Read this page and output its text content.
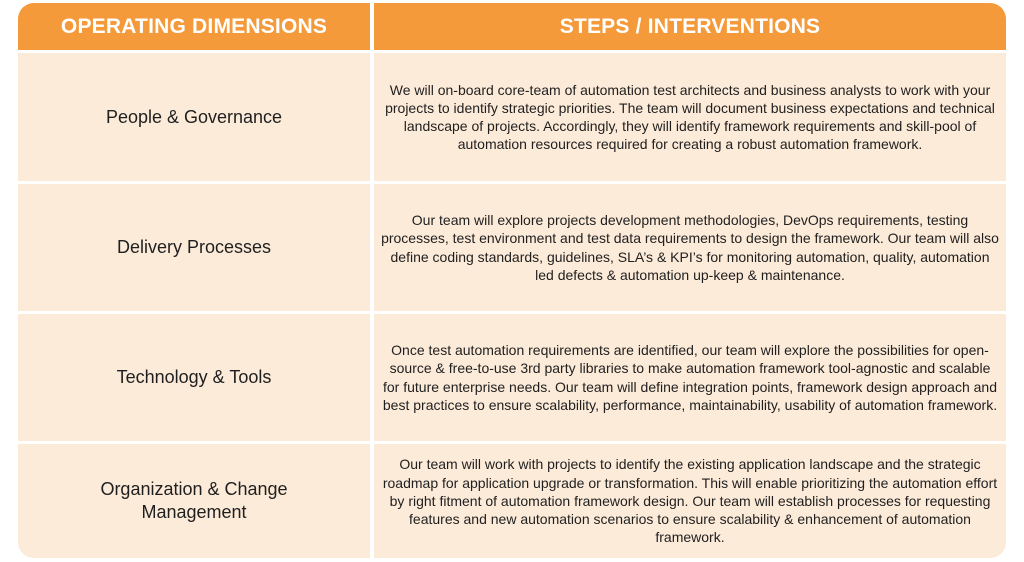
OPERATING DIMENSIONS	STEPS / INTERVENTIONS
People & Governance
We will on-board core-team of automation test architects and business analysts to work with your projects to identify strategic priorities. The team will document business expectations and technical landscape of projects. Accordingly, they will identify framework requirements and skill-pool of automation resources required for creating a robust automation framework.
Delivery Processes
Our team will explore projects development methodologies, DevOps requirements, testing processes, test environment and test data requirements to design the framework. Our team will also define coding standards, guidelines, SLA’s & KPI’s for monitoring automation, quality, automation led defects & automation up-keep & maintenance.
Technology & Tools
Once test automation requirements are identified, our team will explore the possibilities for open-source & free-to-use 3rd party libraries to make automation framework tool-agnostic and scalable for future enterprise needs. Our team will define integration points, framework design approach and best practices to ensure scalability, performance, maintainability, usability of automation framework.
Organization & Change Management
Our team will work with projects to identify the existing application landscape and the strategic roadmap for application upgrade or transformation. This will enable prioritizing the automation effort by right fitment of automation framework design. Our team will establish processes for requesting features and new automation scenarios to ensure scalability & enhancement of automation framework.
